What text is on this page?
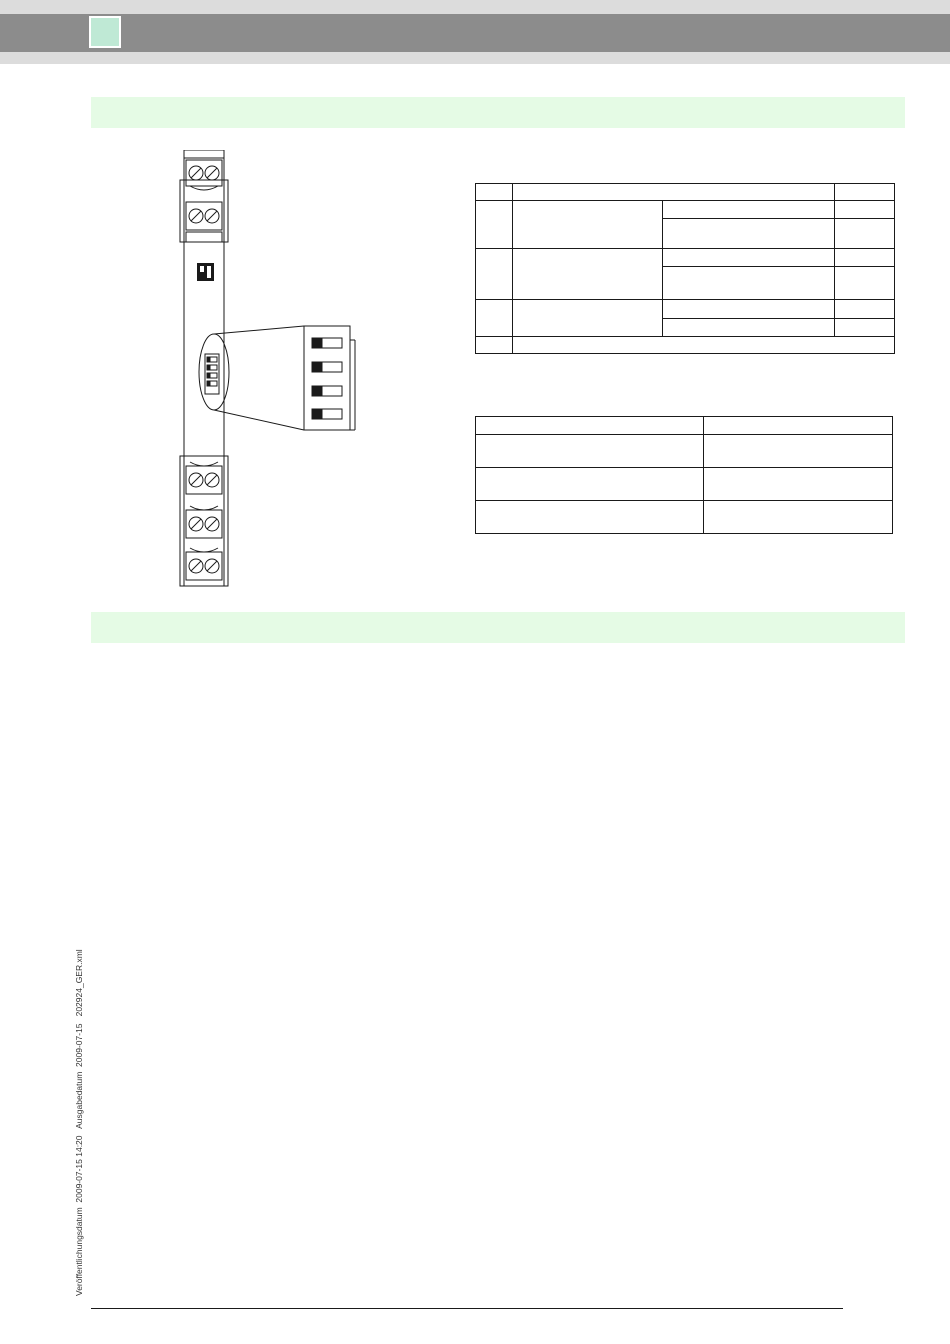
Veröffentlichungsdatum  2009-07-15 14:20   Ausgabedatum  2009-07-15   202924_GER.xml
